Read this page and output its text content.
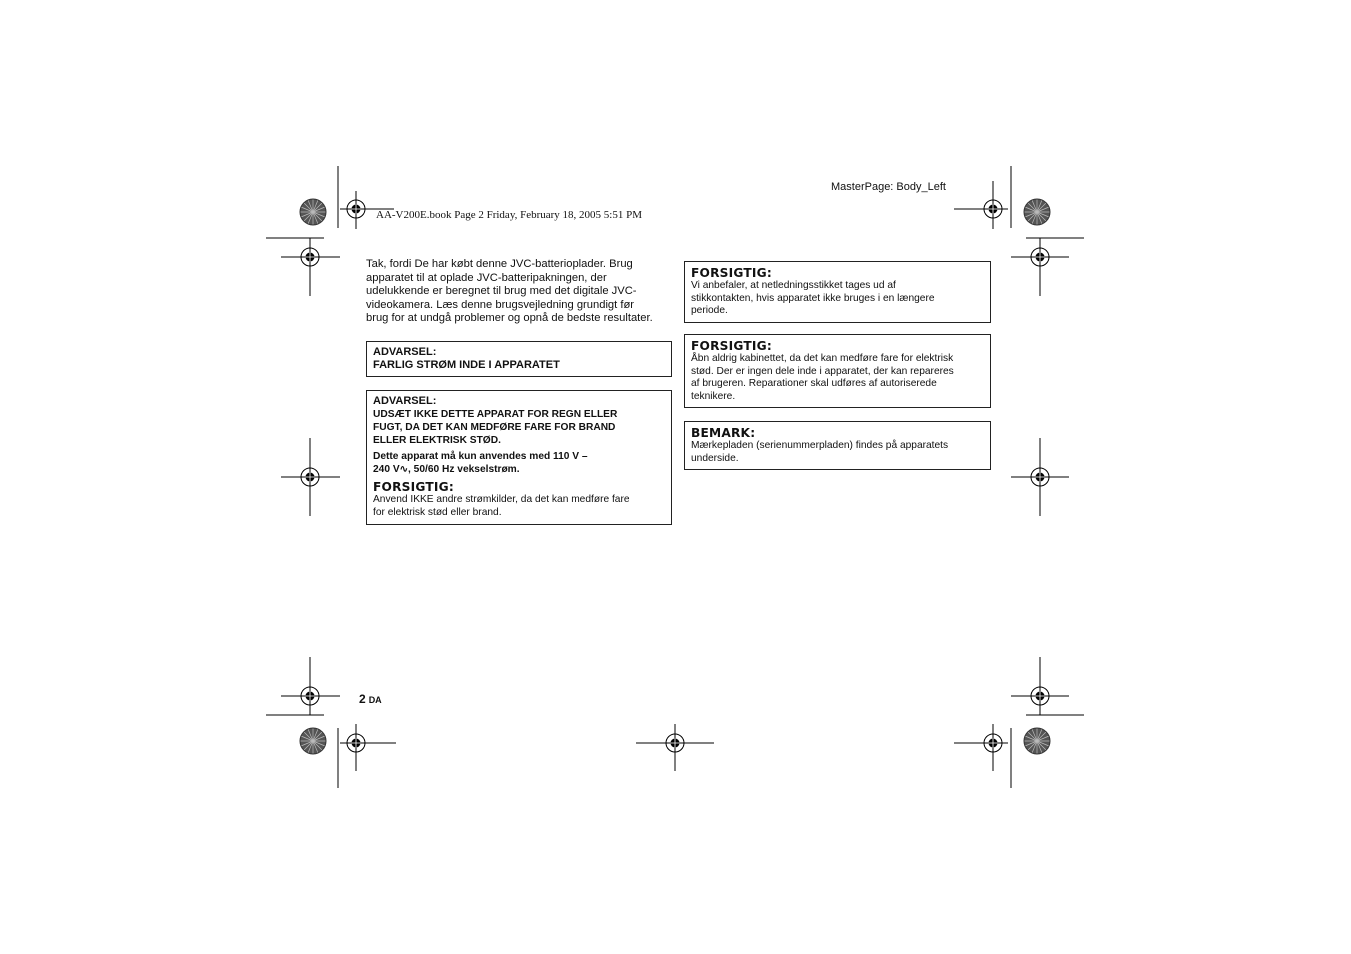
MasterPage: Body_Left
AA-V200E.book Page 2 Friday, February 18, 2005 5:51 PM
Tak, fordi De har købt denne JVC-batterioplader. Brug
apparatet til at oplade JVC-batteripakningen, der
udelukkende er beregnet til brug med det digitale JVC-
videokamera. Læs denne brugsvejledning grundigt før
brug for at undgå problemer og opnå de bedste resultater.
ADVARSEL:
FARLIG STRØM INDE I APPARATET
ADVARSEL:
UDSÆT IKKE DETTE APPARAT FOR REGN ELLER
FUGT, DA DET KAN MEDFØRE FARE FOR BRAND
ELLER ELEKTRISK STØD.
Dette apparat må kun anvendes med 110 V –
240 V∿, 50/60 Hz vekselstrøm.
FORSIGTIG:
Anvend IKKE andre strømkilder, da det kan medføre fare
for elektrisk stød eller brand.
FORSIGTIG:
Vi anbefaler, at netledningsstikket tages ud af
stikkontakten, hvis apparatet ikke bruges i en længere
periode.
FORSIGTIG:
Åbn aldrig kabinettet, da det kan medføre fare for elektrisk
stød. Der er ingen dele inde i apparatet, der kan repareres
af brugeren. Reparationer skal udføres af autoriserede
teknikere.
BEMARK:
Mærkepladen (serienummerpladen) findes på apparatets
underside.
2 DA
